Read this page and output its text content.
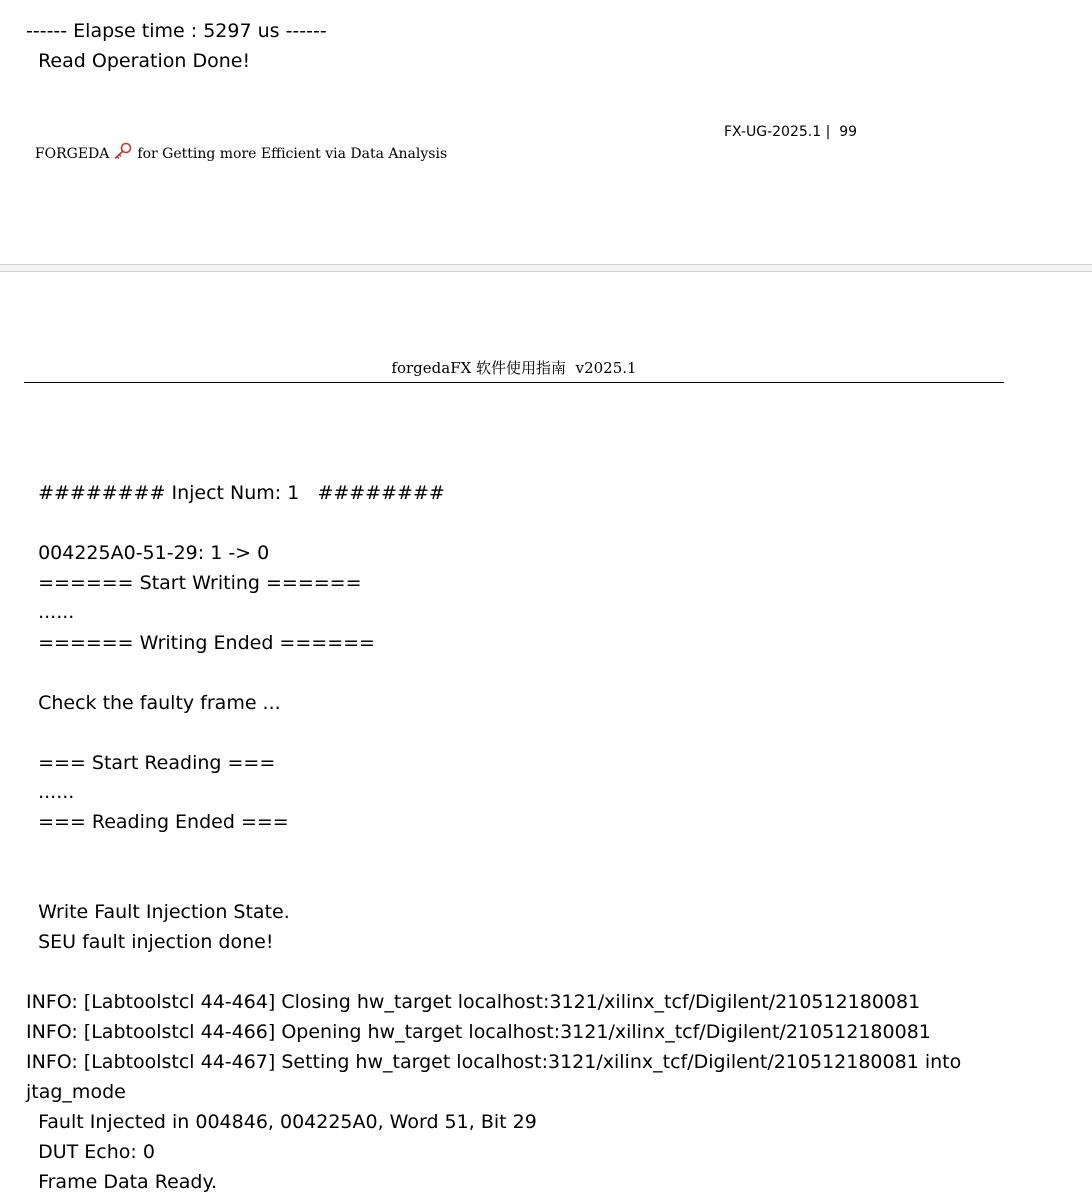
------ Elapse time : 5297 us ------
Read Operation Done!

FORGEDA for Getting more Efficient via Data Analysis

FX-UG-2025.1 | 99
forgedaFX 软件使用指南  v2025.1
######## Inject Num: 1   ########
004225A0-51-29: 1 -> 0
====== Start Writing ======
......
====== Writing Ended ======
Check the faulty frame ...
=== Start Reading ===
......
=== Reading Ended ===
Write Fault Injection State.
SEU fault injection done!
INFO: [Labtoolstcl 44-464] Closing hw_target localhost:3121/xilinx_tcf/Digilent/210512180081
INFO: [Labtoolstcl 44-466] Opening hw_target localhost:3121/xilinx_tcf/Digilent/210512180081
INFO: [Labtoolstcl 44-467] Setting hw_target localhost:3121/xilinx_tcf/Digilent/210512180081 into
jtag_mode
Fault Injected in 004846, 004225A0, Word 51, Bit 29
DUT Echo: 0
Frame Data Ready.
